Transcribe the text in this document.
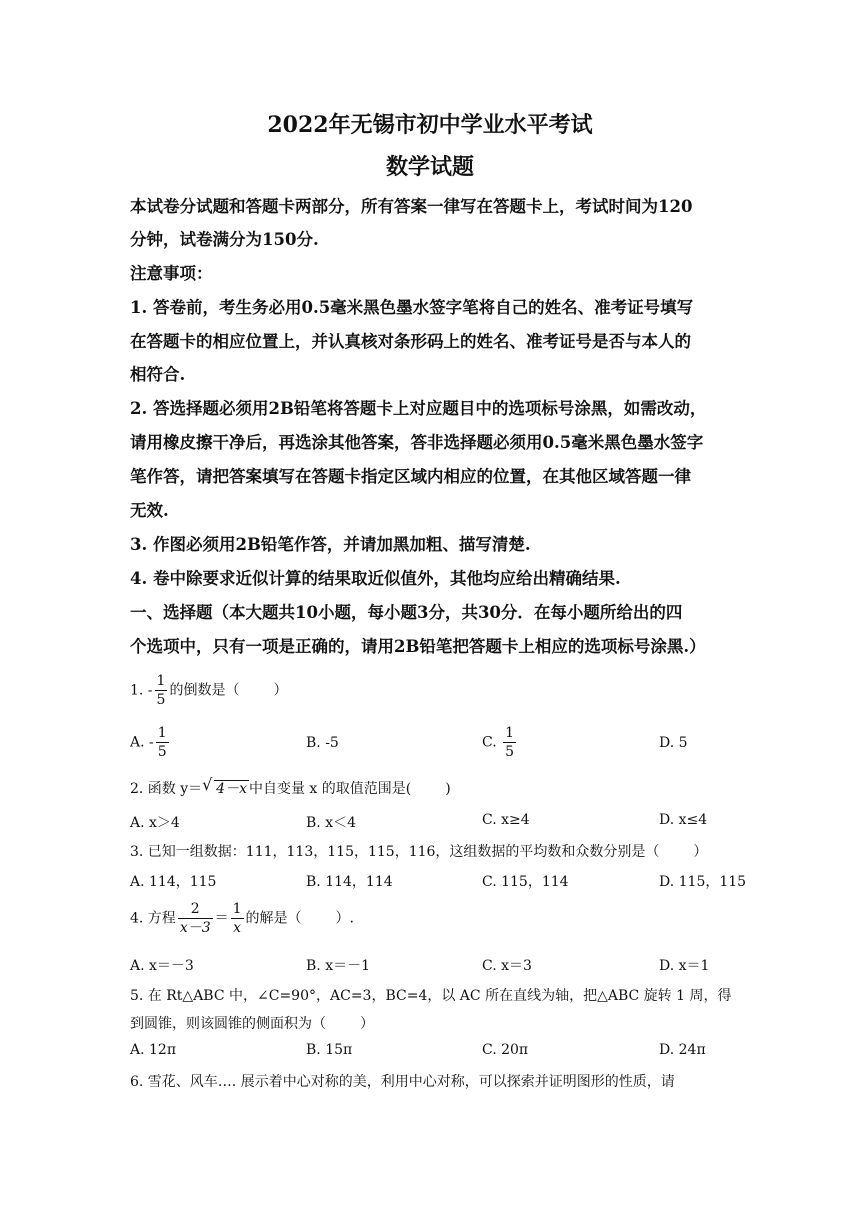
2022年无锡市初中学业水平考试
数学试题
本试卷分试题和答题卡两部分，所有答案一律写在答题卡上，考试时间为120
分钟，试卷满分为150分.
注意事项：
1. 答卷前，考生务必用0.5毫米黑色墨水签字笔将自己的姓名、准考证号填写
在答题卡的相应位置上，并认真核对条形码上的姓名、准考证号是否与本人的
相符合.
2. 答选择题必须用2B铅笔将答题卡上对应题目中的选项标号涂黑，如需改动，
请用橡皮擦干净后，再选涂其他答案，答非选择题必须用0.5毫米黑色墨水签字
笔作答，请把答案填写在答题卡指定区域内相应的位置，在其他区域答题一律
无效.
3. 作图必须用2B铅笔作答，并请加黑加粗、描写清楚.
4. 卷中除要求近似计算的结果取近似值外，其他均应给出精确结果.
一、选择题（本大题共10小题，每小题3分，共30分．在每小题所给出的四
个选项中，只有一项是正确的，请用2B铅笔把答题卡上相应的选项标号涂黑.）
1. - $\frac{1}{5}$ 的倒数是（ ）
A. - $\frac{1}{5}$	B. -5	C. $\frac{1}{5}$	D. 5
2. 函数 y＝ √ 4－x 中自变量 x 的取值范围是( )
A. x＞4	B. x＜4	C. x≥4	D. x≤4
3. 已知一组数据：111，113，115，115，116，这组数据的平均数和众数分别是（ ）
A. 114，115	B. 114，114	C. 115，114	D. 115，115
4. 方程 $\frac{2}{x-3} = \frac{1}{x}$ 的解是（ ）.
A. x＝－3	B. x＝－1	C. x＝3	D. x＝1
5. 在 Rt△ABC 中，∠C=90°，AC=3，BC=4，以 AC 所在直线为轴，把△ABC 旋转 1 周，得
到圆锥，则该圆锥的侧面积为（ ）
A. 12π	B. 15π	C. 20π	D. 24π
6. 雪花、风车…. 展示着中心对称的美，利用中心对称，可以探索并证明图形的性质，请
